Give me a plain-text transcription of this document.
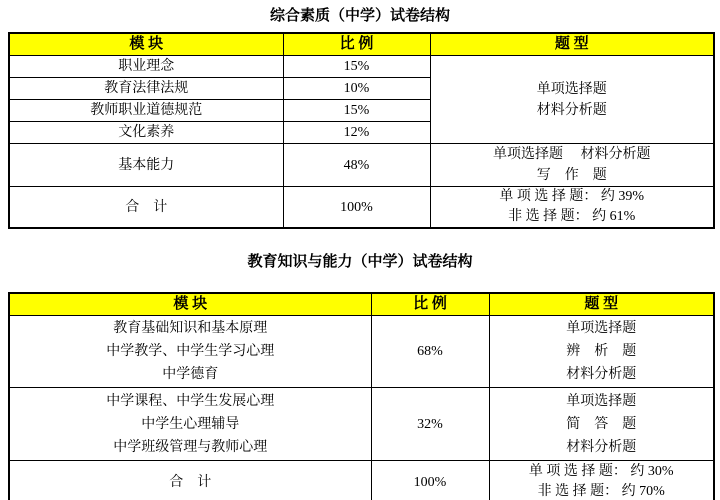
综合素质（中学）试卷结构
模 块	比 例	题 型
职业理念	15%	单项选择题
材料分析题

教育法律法规	10%	
教师职业道德规范	15%	
文化素养	12%	
基本能力	48%	单项选择题　 材料分析题
写　作　题

合　计	100%	单 项 选 择 题： 约 39%
非 选 择 题： 约 61%
教育知识与能力（中学）试卷结构
模 块	比 例	题 型

教育基础知识和基本原理
中学教学、中学生学习心理
中学德育	68%	单项选择题
辨　析　题
材料分析题

中学课程、中学生发展心理
中学生心理辅导
中学班级管理与教师心理	32%	单项选择题
简　答　题
材料分析题

合　计	100%	单 项 选 择 题： 约 30%
非 选 择 题： 约 70%
